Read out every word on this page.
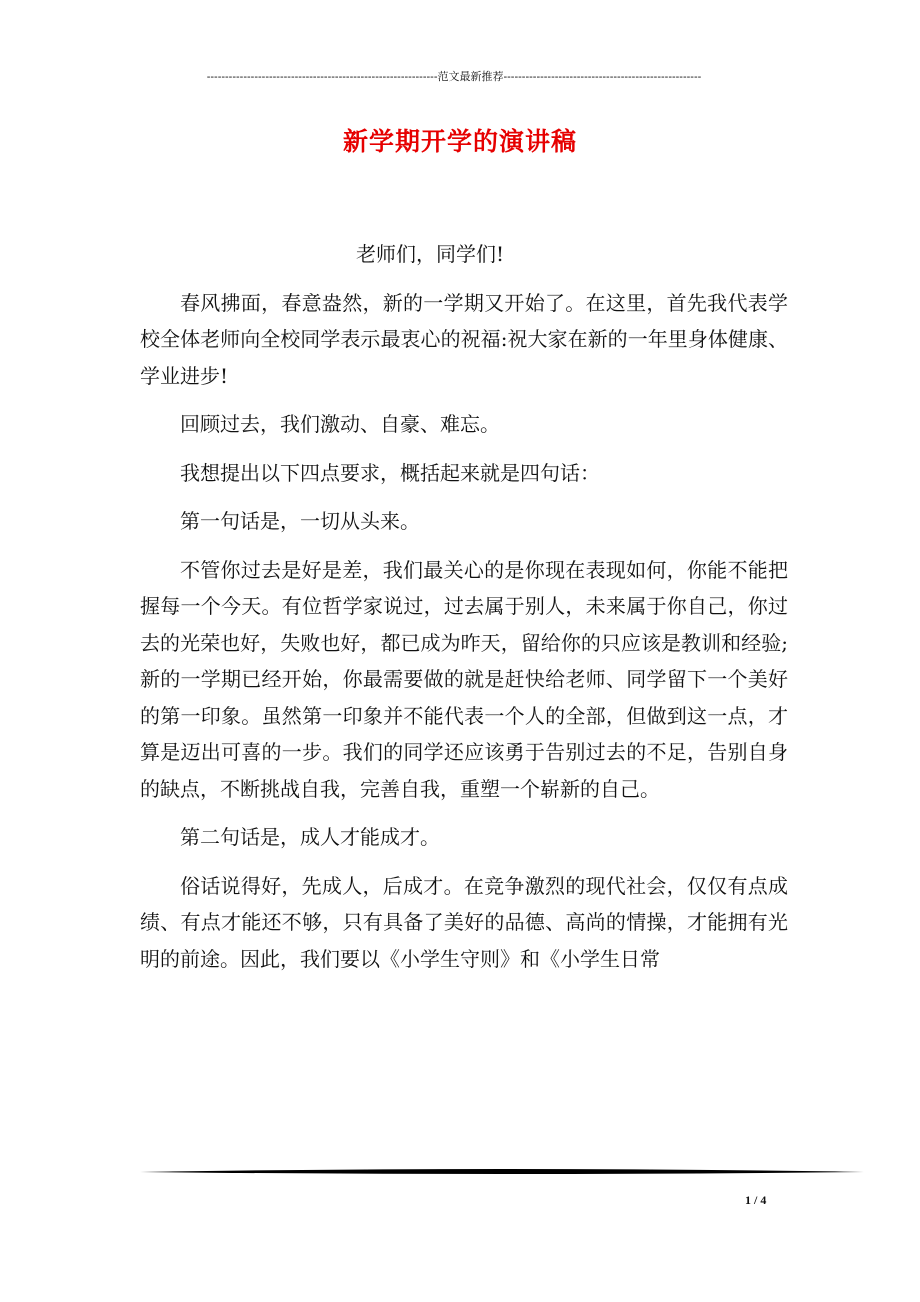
---------------------------------------------------------------范文最新推荐------------------------------------------------------
新学期开学的演讲稿

老师们，同学们!

春风拂面，春意盎然，新的一学期又开始了。在这里，首先我代表学校全体老师向全校同学表示最衷心的祝福:祝大家在新的一年里身体健康、学业进步!

回顾过去，我们激动、自豪、难忘。

我想提出以下四点要求，概括起来就是四句话：

第一句话是，一切从头来。

不管你过去是好是差，我们最关心的是你现在表现如何，你能不能把握每一个今天。有位哲学家说过，过去属于别人，未来属于你自己，你过去的光荣也好，失败也好，都已成为昨天，留给你的只应该是教训和经验;新的一学期已经开始，你最需要做的就是赶快给老师、同学留下一个美好的第一印象。虽然第一印象并不能代表一个人的全部，但做到这一点，才算是迈出可喜的一步。我们的同学还应该勇于告别过去的不足，告别自身的缺点，不断挑战自我，完善自我，重塑一个崭新的自己。

第二句话是，成人才能成才。

俗话说得好，先成人，后成才。在竞争激烈的现代社会，仅仅有点成绩、有点才能还不够，只有具备了美好的品德、高尚的情操，才能拥有光明的前途。因此，我们要以《小学生守则》和《小学生日常

1 / 4
